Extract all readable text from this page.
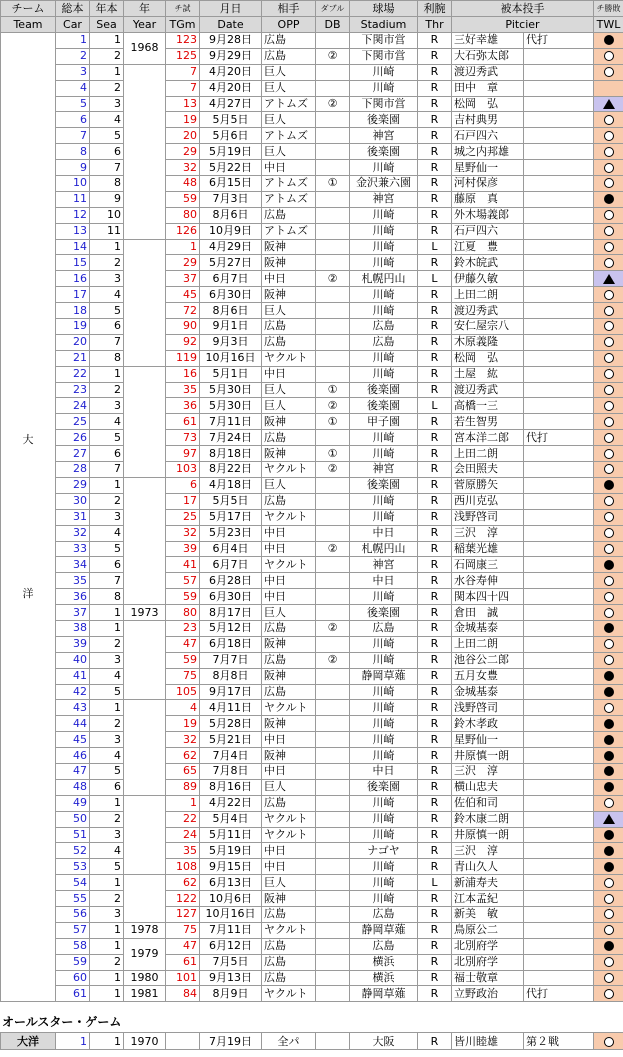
チーム	総本	年本	年	チ試	月日	相手	ダブル	球場	利腕	被本投手		チ勝敗
Team	Car	Sea	Year	TGm	Date	OPP	DB	Stadium	Thr	Pitcier		TWL

大
洋	1	1	1968	123	9月28日	広島		下関市営	R	三好幸雄	代打	
	2	2		125	9月29日	広島	②	下関市営	R	大石弥太郎		
	3	1		7	4月20日	巨人		川崎	R	渡辺秀武		
	4	2		7	4月20日	巨人		川崎	R	田中　章		
	5	3		13	4月27日	アトムズ	②	下関市営	R	松岡　弘		
	6	4		19	5月5日	巨人		後楽園	R	吉村典男		
	7	5		20	5月6日	アトムズ		神宮	R	石戸四六		
	8	6		29	5月19日	巨人		後楽園	R	城之内邦雄		
	9	7		32	5月22日	中日		川崎	R	星野仙一		
	10	8		48	6月15日	アトムズ	①	金沢兼六園	R	河村保彦		
	11	9		59	7月3日	アトムズ		神宮	R	藤原　真		
	12	10		80	8月6日	広島		川崎	R	外木場義郎		
	13	11		126	10月9日	アトムズ		川崎	R	石戸四六		
	14	1		1	4月29日	阪神		川崎	L	江夏　豊		
	15	2		29	5月27日	阪神		川崎	R	鈴木皖武		
	16	3		37	6月7日	中日	②	札幌円山	L	伊藤久敏		
	17	4		45	6月30日	阪神		川崎	R	上田二朗		
	18	5		72	8月6日	巨人		川崎	R	渡辺秀武		
	19	6		90	9月1日	広島		広島	R	安仁屋宗八		
	20	7		92	9月3日	広島		広島	R	木原義隆		
	21	8		119	10月16日	ヤクルト		川崎	R	松岡　弘		
	22	1		16	5月1日	中日		川崎	R	土屋　紘		
	23	2		35	5月30日	巨人	①	後楽園	R	渡辺秀武		
	24	3		36	5月30日	巨人	②	後楽園	L	高橋一三		
	25	4		61	7月11日	阪神	①	甲子園	R	若生智男		
	26	5		73	7月24日	広島		川崎	R	宮本洋二郎	代打	
	27	6		97	8月18日	阪神	①	川崎	R	上田二朗		
	28	7		103	8月22日	ヤクルト	②	神宮	R	会田照夫		
	29	1		6	4月18日	巨人		後楽園	R	菅原勝矢		
	30	2		17	5月5日	広島		川崎	R	西川克弘		
	31	3		25	5月17日	ヤクルト		川崎	R	浅野啓司		
	32	4		32	5月23日	中日		中日	R	三沢　淳		
	33	5		39	6月4日	中日	②	札幌円山	R	稲葉光雄		
	34	6		41	6月7日	ヤクルト		神宮	R	石岡康三		
	35	7		57	6月28日	中日		中日	R	水谷寿伸		
	36	8		59	6月30日	中日		川崎	R	関本四十四		
	37	1	1973	80	8月17日	巨人		後楽園	R	倉田　誠		
	38	1		23	5月12日	広島	②	広島	R	金城基泰		
	39	2		47	6月18日	阪神		川崎	R	上田二朗		
	40	3		59	7月7日	広島	②	川崎	R	池谷公二郎		
	41	4		75	8月8日	阪神		静岡草薙	R	五月女豊		
	42	5		105	9月17日	広島		川崎	R	金城基泰		
	43	1		4	4月11日	ヤクルト		川崎	R	浅野啓司		
	44	2		19	5月28日	阪神		川崎	R	鈴木孝政		
	45	3		32	5月21日	中日		川崎	R	星野仙一		
	46	4		62	7月4日	阪神		川崎	R	井原慎一朗		
	47	5		65	7月8日	中日		中日	R	三沢　淳		
	48	6		89	8月16日	巨人		後楽園	R	横山忠夫		
	49	1		1	4月22日	広島		川崎	R	佐伯和司		
	50	2		22	5月4日	ヤクルト		川崎	R	鈴木康二朗		
	51	3		24	5月11日	ヤクルト		川崎	R	井原慎一朗		
	52	4		35	5月19日	中日		ナゴヤ	R	三沢　淳		
	53	5		108	9月15日	中日		川崎	R	青山久人		
	54	1		62	6月13日	巨人		川崎	L	新浦寿夫		
	55	2		122	10月6日	阪神		川崎	R	江本孟紀		
	56	3		127	10月16日	広島		広島	R	新美　敏		
	57	1	1978	75	7月11日	ヤクルト		静岡草薙	R	鳥原公二		
	58	1	1979	47	6月12日	広島		広島	R	北別府学		
	59	2		61	7月5日	広島		横浜	R	北別府学		
	60	1	1980	101	9月13日	広島		横浜	R	福士敬章		
	61	1	1981	84	8月9日	ヤクルト		静岡草薙	R	立野政治	代打	
オールスター・ゲーム
大洋	1	1	1970		7月19日	全パ		大阪	R	皆川睦雄	第２戦	
